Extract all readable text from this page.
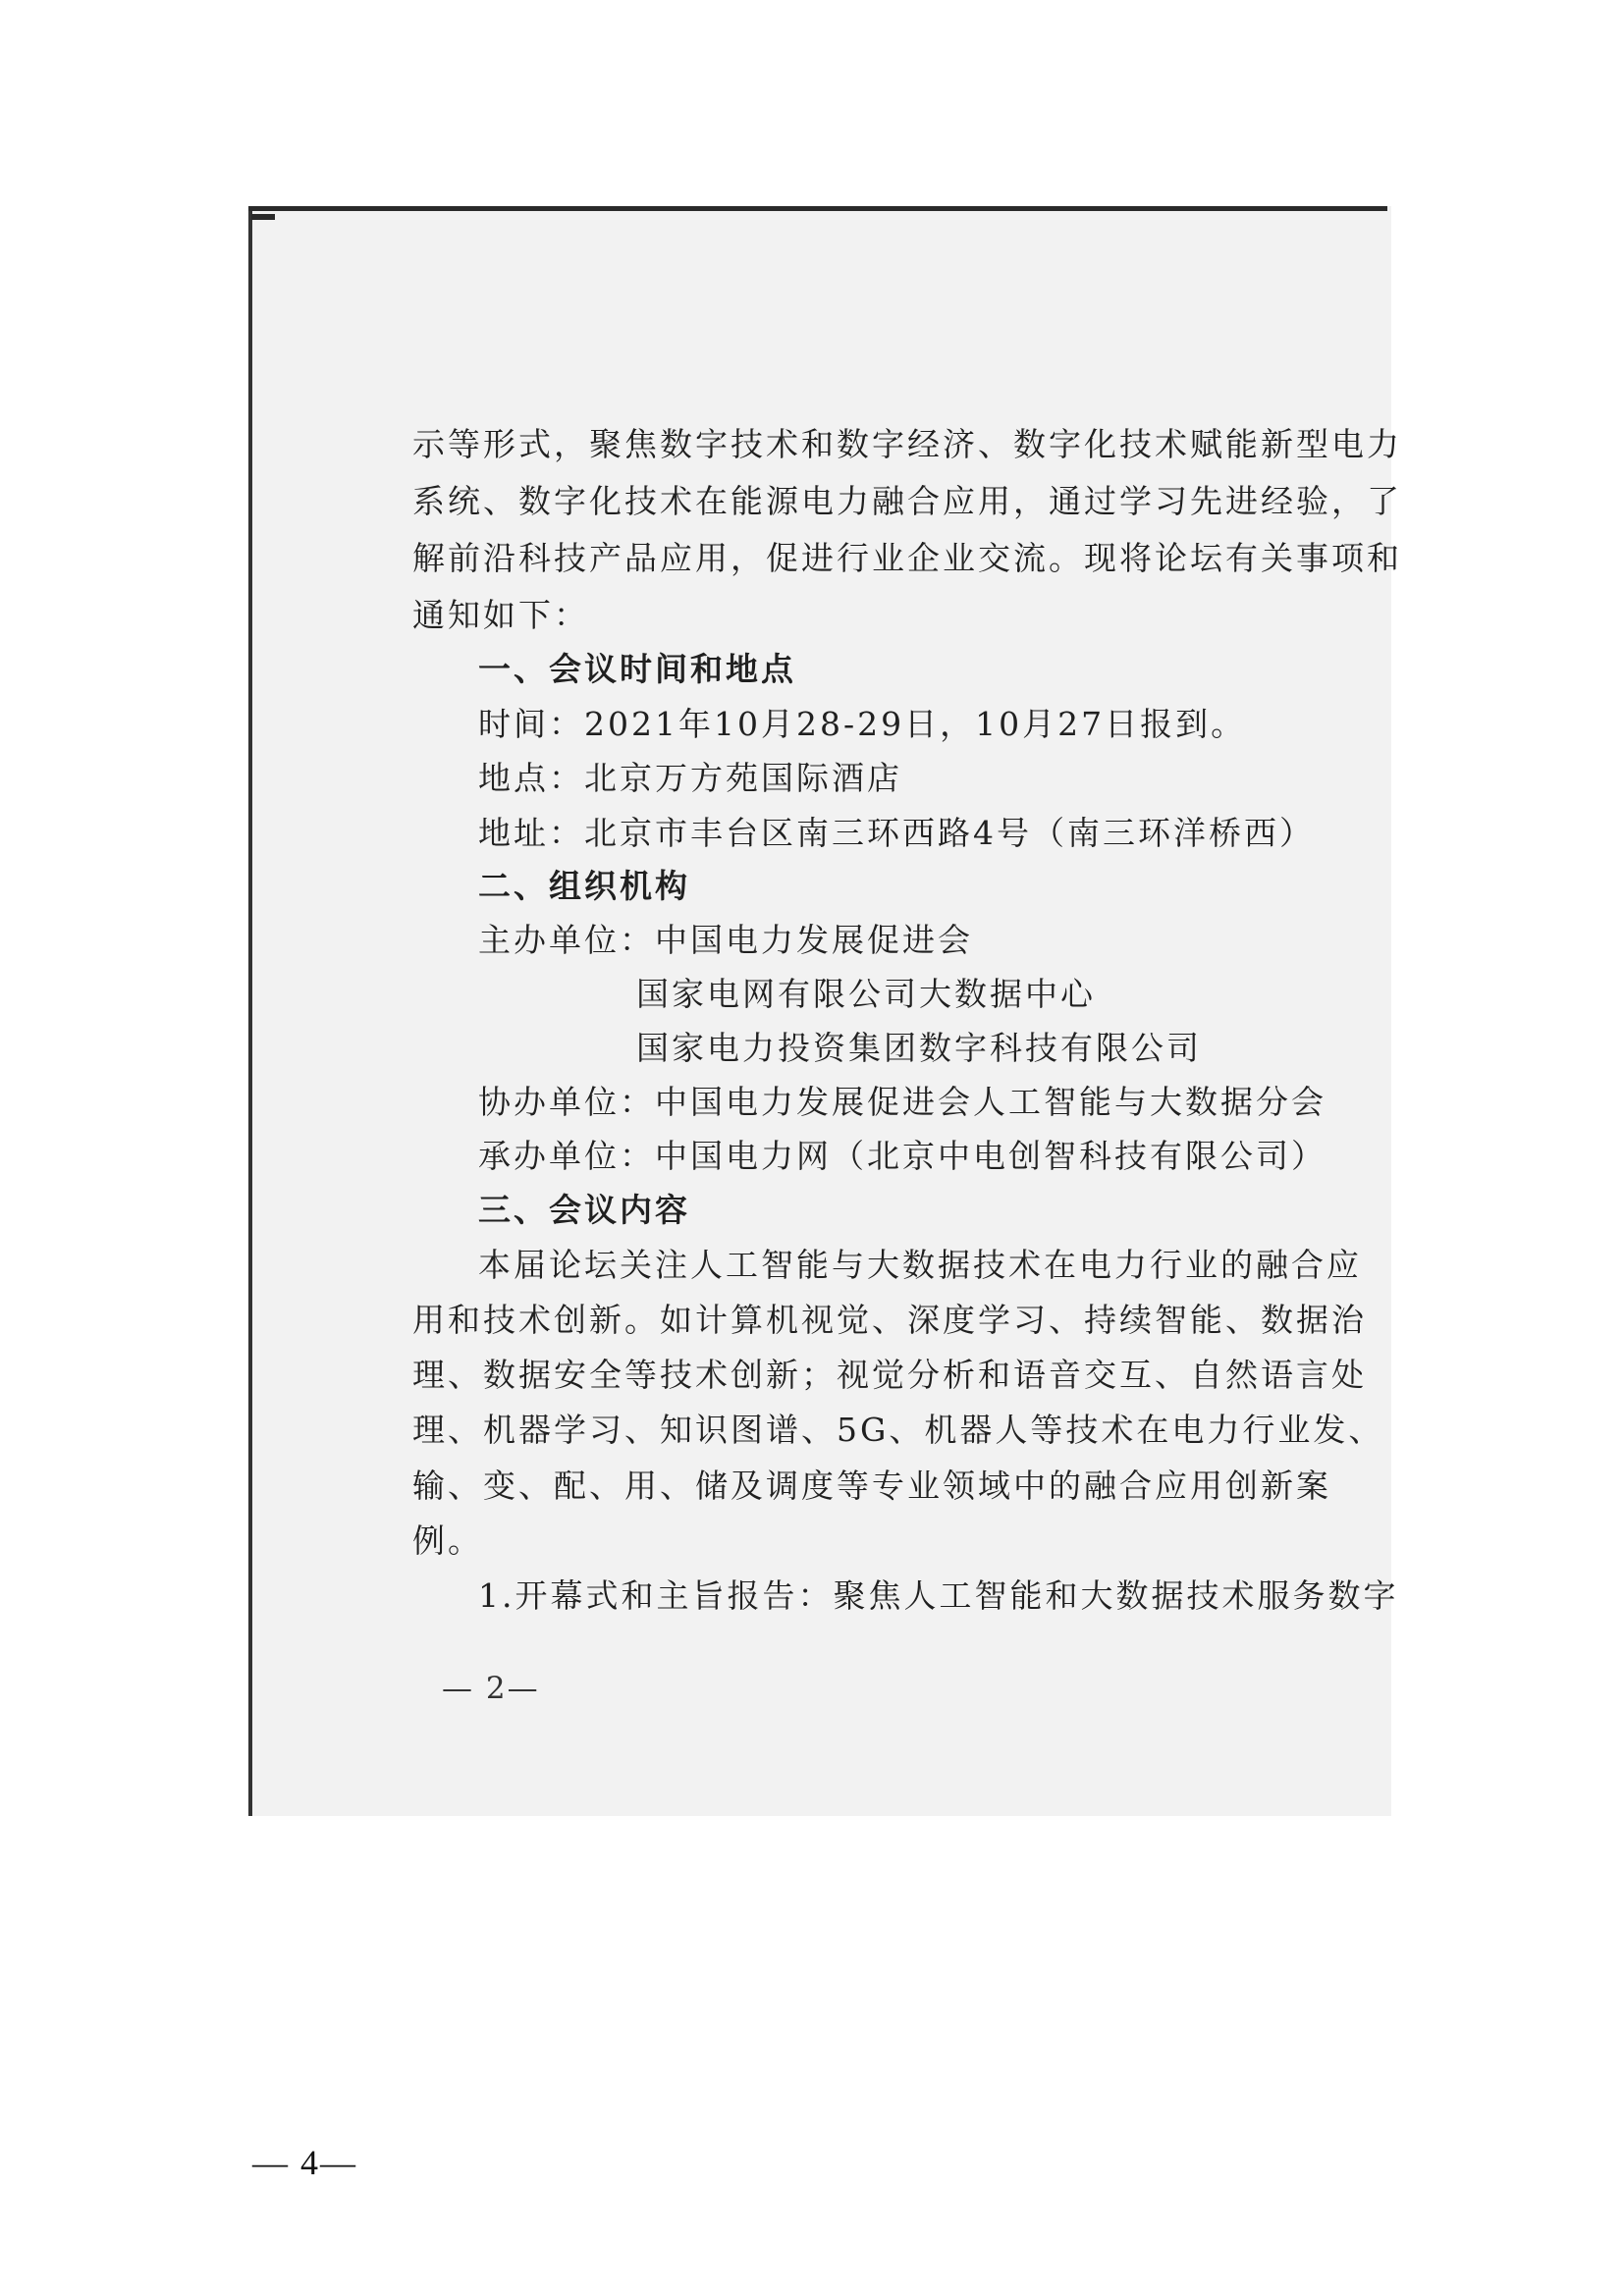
示等形式，聚焦数字技术和数字经济、数字化技术赋能新型电力
系统、数字化技术在能源电力融合应用，通过学习先进经验，了
解前沿科技产品应用，促进行业企业交流。现将论坛有关事项和
通知如下：
一、会议时间和地点
时间：2021年10月28-29日，10月27日报到。
地点：北京万方苑国际酒店
地址：北京市丰台区南三环西路4号（南三环洋桥西）
二、组织机构
主办单位：中国电力发展促进会
国家电网有限公司大数据中心
国家电力投资集团数字科技有限公司
协办单位：中国电力发展促进会人工智能与大数据分会
承办单位：中国电力网（北京中电创智科技有限公司）
三、会议内容
本届论坛关注人工智能与大数据技术在电力行业的融合应
用和技术创新。如计算机视觉、深度学习、持续智能、数据治
理、数据安全等技术创新；视觉分析和语音交互、自然语言处
理、机器学习、知识图谱、5G、机器人等技术在电力行业发、
输、变、配、用、储及调度等专业领域中的融合应用创新案
例。
1.开幕式和主旨报告：聚焦人工智能和大数据技术服务数字
— 2—
— 4—
